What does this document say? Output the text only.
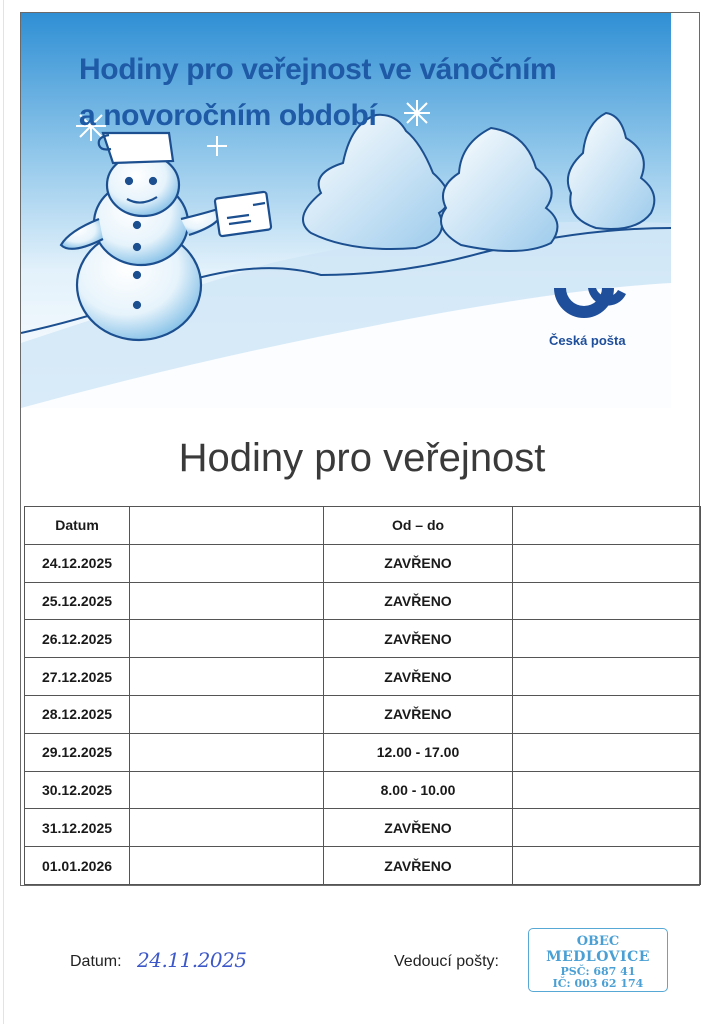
Hodiny pro veřejnost ve vánočním
a novoročním období
Česká pošta
Hodiny pro veřejnost
Datum		Od – do	
24.12.2025		ZAVŘENO	
25.12.2025		ZAVŘENO	
26.12.2025		ZAVŘENO	
27.12.2025		ZAVŘENO	
28.12.2025		ZAVŘENO	
29.12.2025		12.00 - 17.00	
30.12.2025		8.00 - 10.00	
31.12.2025		ZAVŘENO	
01.01.2026		ZAVŘENO	
Datum: 24.11.2025	Vedoucí pošty:
OBEC
MEDLOVICE
PSČ: 687 41
IČ: 003 62 174
